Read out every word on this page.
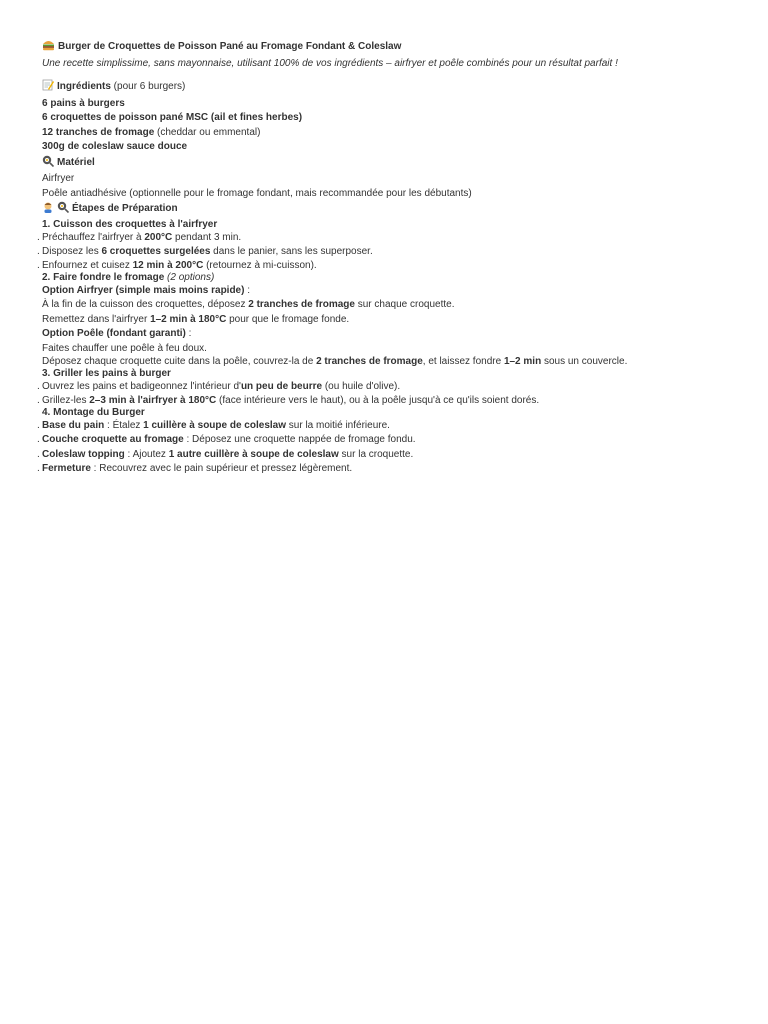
Burger de Croquettes de Poisson Pané au Fromage Fondant & Coleslaw
Une recette simplissime, sans mayonnaise, utilisant 100% de vos ingrédients – airfryer et poêle combinés pour un résultat parfait !
Ingrédients (pour 6 burgers)
6 pains à burgers
6 croquettes de poisson pané MSC (ail et fines herbes)
12 tranches de fromage (cheddar ou emmental)
300g de coleslaw sauce douce
Matériel
Airfryer
Poêle antiadhésive (optionnelle pour le fromage fondant, mais recommandée pour les débutants)
Étapes de Préparation
1. Cuisson des croquettes à l'airfryer
. Préchauffez l'airfryer à 200°C pendant 3 min.
. Disposez les 6 croquettes surgelées dans le panier, sans les superposer.
. Enfournez et cuisez 12 min à 200°C (retournez à mi-cuisson).
2. Faire fondre le fromage (2 options)
Option Airfryer (simple mais moins rapide) :
À la fin de la cuisson des croquettes, déposez 2 tranches de fromage sur chaque croquette.
Remettez dans l'airfryer 1–2 min à 180°C pour que le fromage fonde.
Option Poêle (fondant garanti) :
Faites chauffer une poêle à feu doux.
Déposez chaque croquette cuite dans la poêle, couvrez-la de 2 tranches de fromage, et laissez fondre 1–2 min sous un couvercle.
3. Griller les pains à burger
. Ouvrez les pains et badigeonnez l'intérieur d'un peu de beurre (ou huile d'olive).
. Grillez-les 2–3 min à l'airfryer à 180°C (face intérieure vers le haut), ou à la poêle jusqu'à ce qu'ils soient dorés.
4. Montage du Burger
. Base du pain : Étalez 1 cuillère à soupe de coleslaw sur la moitié inférieure.
. Couche croquette au fromage : Déposez une croquette nappée de fromage fondu.
. Coleslaw topping : Ajoutez 1 autre cuillère à soupe de coleslaw sur la croquette.
. Fermeture : Recouvrez avec le pain supérieur et pressez légèrement.
